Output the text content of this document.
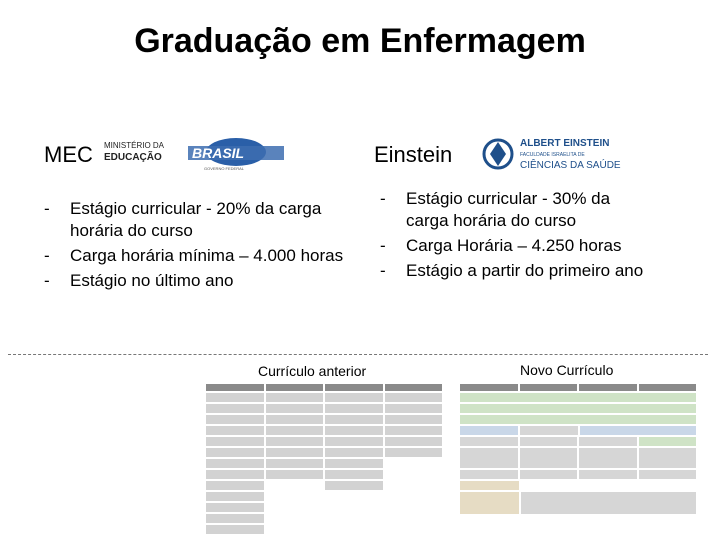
Graduação em Enfermagem
MEC MINISTÉRIO DA
EDUCAÇÃO BRASIL
GOVERNO FEDERAL
Einstein	ALBERT EINSTEIN
FACULDADE ISRAELITA DE
CIÊNCIAS DA SAÚDE
- Estágio curricular - 20% da carga horária do curso
- Carga horária mínima – 4.000 horas
- Estágio no último ano
- Estágio curricular - 30% da carga horária do curso
- Carga Horária – 4.250 horas
- Estágio a partir do primeiro ano
Currículo anterior	Novo Currículo
